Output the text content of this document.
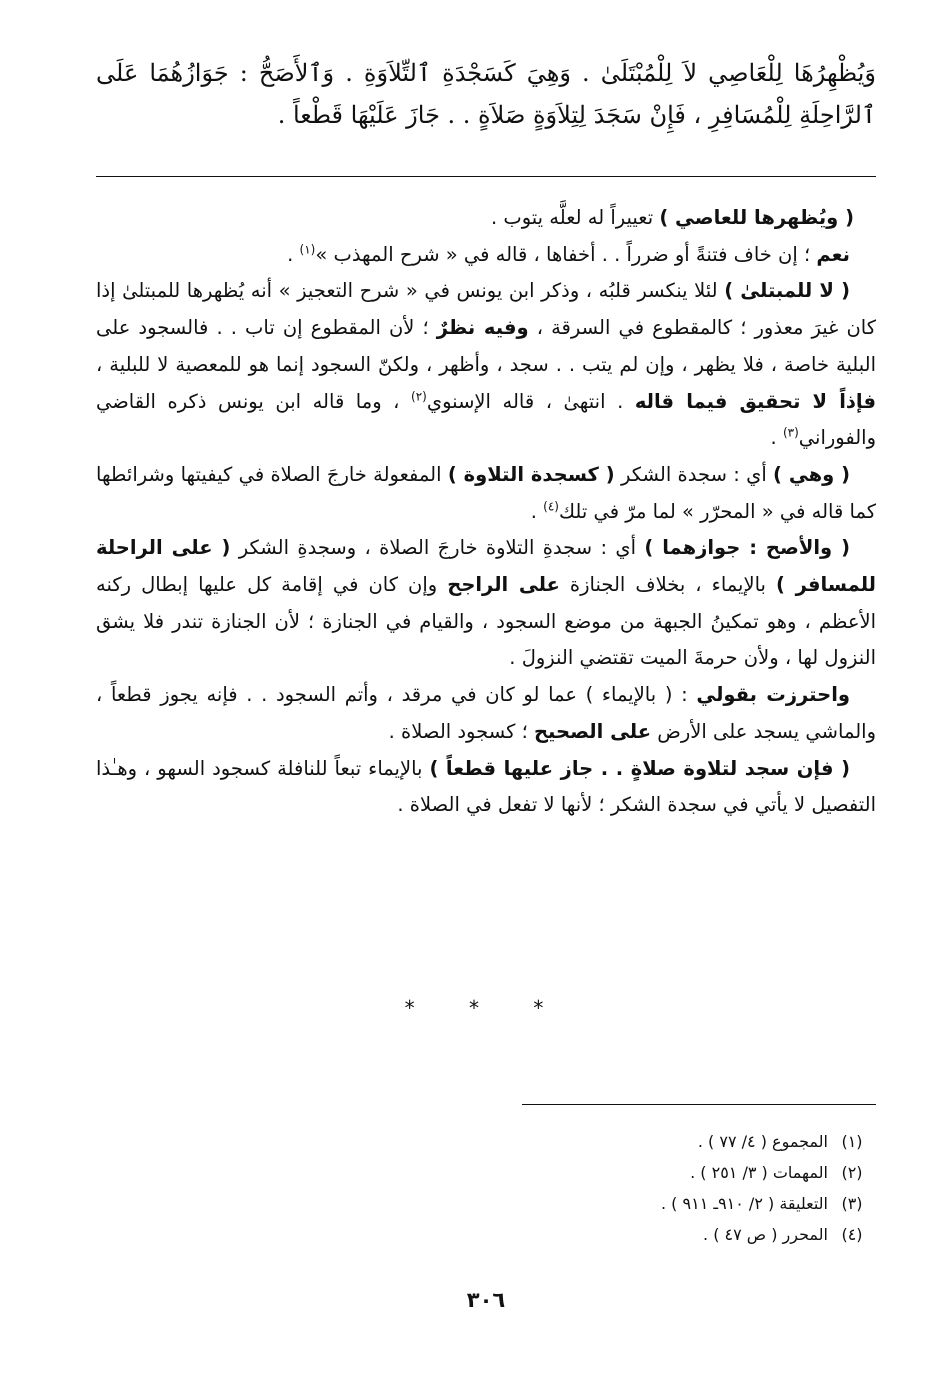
وَيُظْهِرُهَا لِلْعَاصِي لاَ لِلْمُبْتَلَىٰ . وَهِيَ كَسَجْدَةِ ٱلتِّلاَوَةِ . وَٱلأَصَحُّ : جَوَازُهُمَا عَلَى ٱلرَّاحِلَةِ لِلْمُسَافِرِ ، فَإِنْ سَجَدَ لِتِلاَوَةٍ صَلاَةٍ . . جَازَ عَلَيْهَا قَطْعاً .

( ويُظهرها للعاصي ) تعييراً له لعلَّه يتوب .

نعم ؛ إن خاف فتنةً أو ضرراً . . أخفاها ، قاله في « شرح المهذب »$^{(١)}$ .

( لا للمبتلىٰ ) لئلا ينكسر قلبُه ، وذكر ابن يونس في « شرح التعجيز » أنه يُظهرها للمبتلىٰ إذا كان غيرَ معذور ؛ كالمقطوع في السرقة ، وفيه نظرٌ ؛ لأن المقطوع إن تاب . . فالسجود على البلية خاصة ، فلا يظهر ، وإن لم يتب . . سجد ، وأظهر ، ولكنّ السجود إنما هو للمعصية لا للبلية ، فإذاً لا تحقيق فيما قاله . انتهىٰ ، قاله الإسنوي$^{(٢)}$ ، وما قاله ابن يونس ذكره القاضي والفوراني$^{(٣)}$ .

( وهي ) أي : سجدة الشكر ( كسجدة التلاوة ) المفعولة خارجَ الصلاة في كيفيتها وشرائطها كما قاله في « المحرّر » لما مرّ في تلك$^{(٤)}$ .

( والأصح : جوازهما ) أي : سجدةِ التلاوة خارجَ الصلاة ، وسجدةِ الشكر ( على الراحلة للمسافر ) بالإيماء ، بخلاف الجنازة على الراجح وإن كان في إقامة كل عليها إبطال ركنه الأعظم ، وهو تمكينُ الجبهة من موضع السجود ، والقيام في الجنازة ؛ لأن الجنازة تندر فلا يشق النزول لها ، ولأن حرمةَ الميت تقتضي النزولَ .

واحترزت بقولي : ( بالإيماء ) عما لو كان في مرقد ، وأتم السجود . . فإنه يجوز قطعاً ، والماشي يسجد على الأرض على الصحيح ؛ كسجود الصلاة .

( فإن سجد لتلاوة صلاةٍ . . جاز عليها قطعاً ) بالإيماء تبعاً للنافلة كسجود السهو ، وهـٰذا التفصيل لا يأتي في سجدة الشكر ؛ لأنها لا تفعل في الصلاة .

* * *
(١)
المجموع ( ٤/ ٧٧ ) .
(٢)
المهمات ( ٣/ ٢٥١ ) .
(٣)
التعليقة ( ٢/ ٩١٠ـ ٩١١ ) .
(٤)
المحرر ( ص ٤٧ ) .
٣٠٦
